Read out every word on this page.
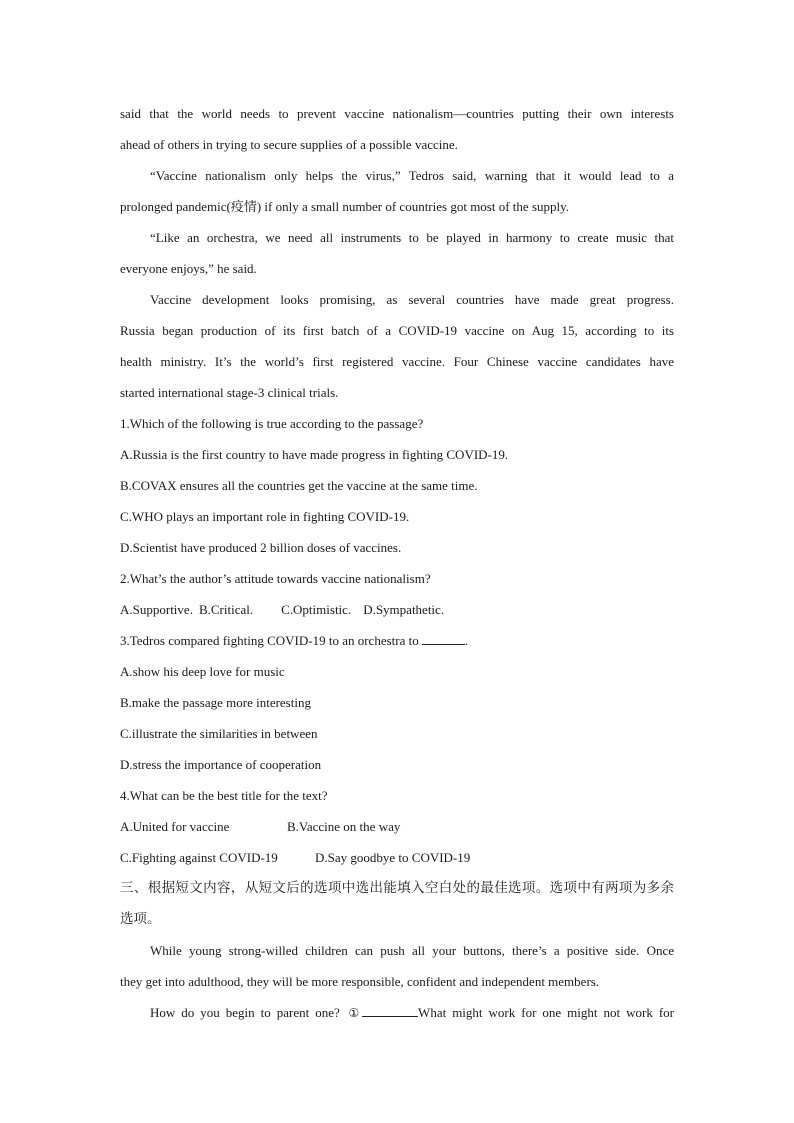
said that the world needs to prevent vaccine nationalism—countries putting their own interests
ahead of others in trying to secure supplies of a possible vaccine.
“Vaccine nationalism only helps the virus,” Tedros said, warning that it would lead to a
prolonged pandemic(疫情) if only a small number of countries got most of the supply.
“Like an orchestra, we need all instruments to be played in harmony to create music that
everyone enjoys,” he said.
Vaccine development looks promising, as several countries have made great progress.
Russia began production of its first batch of a COVID-19 vaccine on Aug 15, according to its
health ministry. It’s the world’s first registered vaccine. Four Chinese vaccine candidates have
started international stage-3 clinical trials.
1.Which of the following is true according to the passage?
A.Russia is the first country to have made progress in fighting COVID-19.
B.COVAX ensures all the countries get the vaccine at the same time.
C.WHO plays an important role in fighting COVID-19.
D.Scientist have produced 2 billion doses of vaccines.
2.What’s the author’s attitude towards vaccine nationalism?
A.Supportive. B.Critical. C.Optimistic. D.Sympathetic.
3.Tedros compared fighting COVID-19 to an orchestra to	.
A.show his deep love for music
B.make the passage more interesting
C.illustrate the similarities in between
D.stress the importance of cooperation
4.What can be the best title for the text?
A.United for vaccine	B.Vaccine on the way
C.Fighting against COVID-19	D.Say goodbye to COVID-19
三、根据短文内容，从短文后的选项中选出能填入空白处的最佳选项。选项中有两项为多余
选项。
While young strong-willed children can push all your buttons, there’s a positive side. Once
they get into adulthood, they will be more responsible, confident and independent members.
How do you begin to parent one? ①	What might work for one might not work for
